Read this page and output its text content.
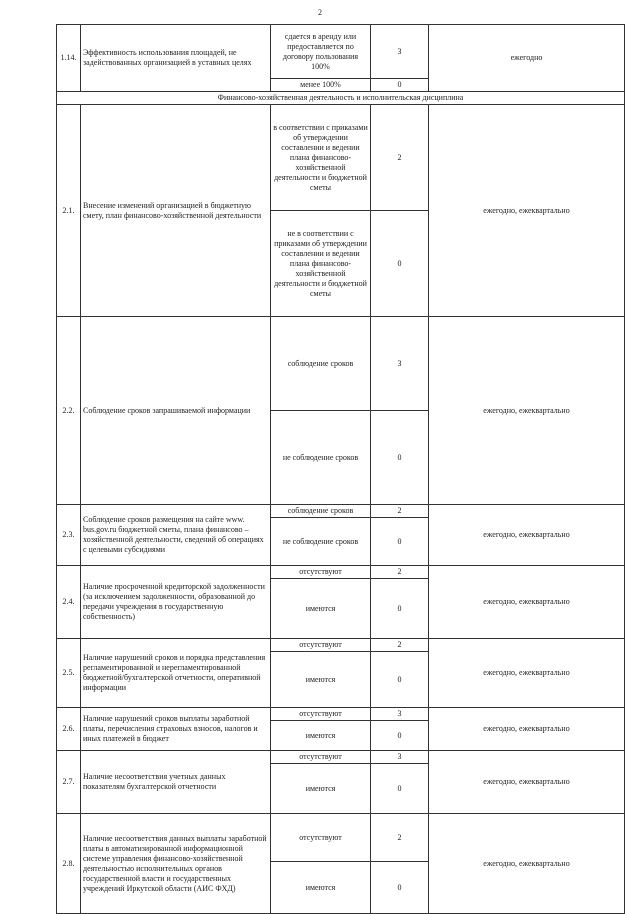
2
1.14.	Эффективность использования площадей, не задействованных организацией в уставных целях	сдается в аренду или предоставляется по договору пользования 100%	3	ежегодно
		менее 100%	0	
Финансово-хозяйственная деятельность и исполнительская дисциплина				
2.1.	Внесение изменений организацией в бюджетную смету, план финансово-хозяйственной деятельности	в соответствии с приказами об утверждении составлении и ведении плана финансово-хозяйственной деятельности и бюджетной сметы	2	ежегодно, ежеквартально
		не в соответствии с приказами об утверждении составлении и ведении плана финансово-хозяйственной деятельности и бюджетной сметы	0	
2.2.	Соблюдение сроков запрашиваемой информации	соблюдение сроков	3	ежегодно, ежеквартально
		не соблюдение сроков	0	
2.3.	Соблюдение сроков размещения на сайте www. bus.gov.ru бюджетной сметы, плана финансово – хозяйственной деятельности, сведений об операциях с целевыми субсидиями	соблюдение сроков	2	ежегодно, ежеквартально
		не соблюдение сроков	0	
2.4.	Наличие просроченной кредиторской задолженности (за исключением задолженности, образованной до передачи учреждения в государственную собственность)	отсутствуют	2	ежегодно, ежеквартально
		имеются	0	
2.5.	Наличие нарушений сроков и порядка представления регламентированной и нерегламентированной бюджетной/бухгалтерской отчетности, оперативной информации	отсутствуют	2	ежегодно, ежеквартально
		имеются	0	
2.6.	Наличие нарушений сроков выплаты заработной платы, перечисления страховых взносов, налогов и иных платежей в бюджет	отсутствуют	3	ежегодно, ежеквартально
		имеются	0	
2.7.	Наличие несоответствия учетных данных показателям бухгалтерской отчетности	отсутствуют	3	ежегодно, ежеквартально
		имеются	0	
2.8.	Наличие несоответствия данных выплаты заработной платы в автоматизированной информационной системе управления финансово-хозяйственной деятельностью исполнительных органов государственной власти и государственных учреждений Иркутской области (АИС ФХД)	отсутствуют	2	ежегодно, ежеквартально
		имеются	0	
